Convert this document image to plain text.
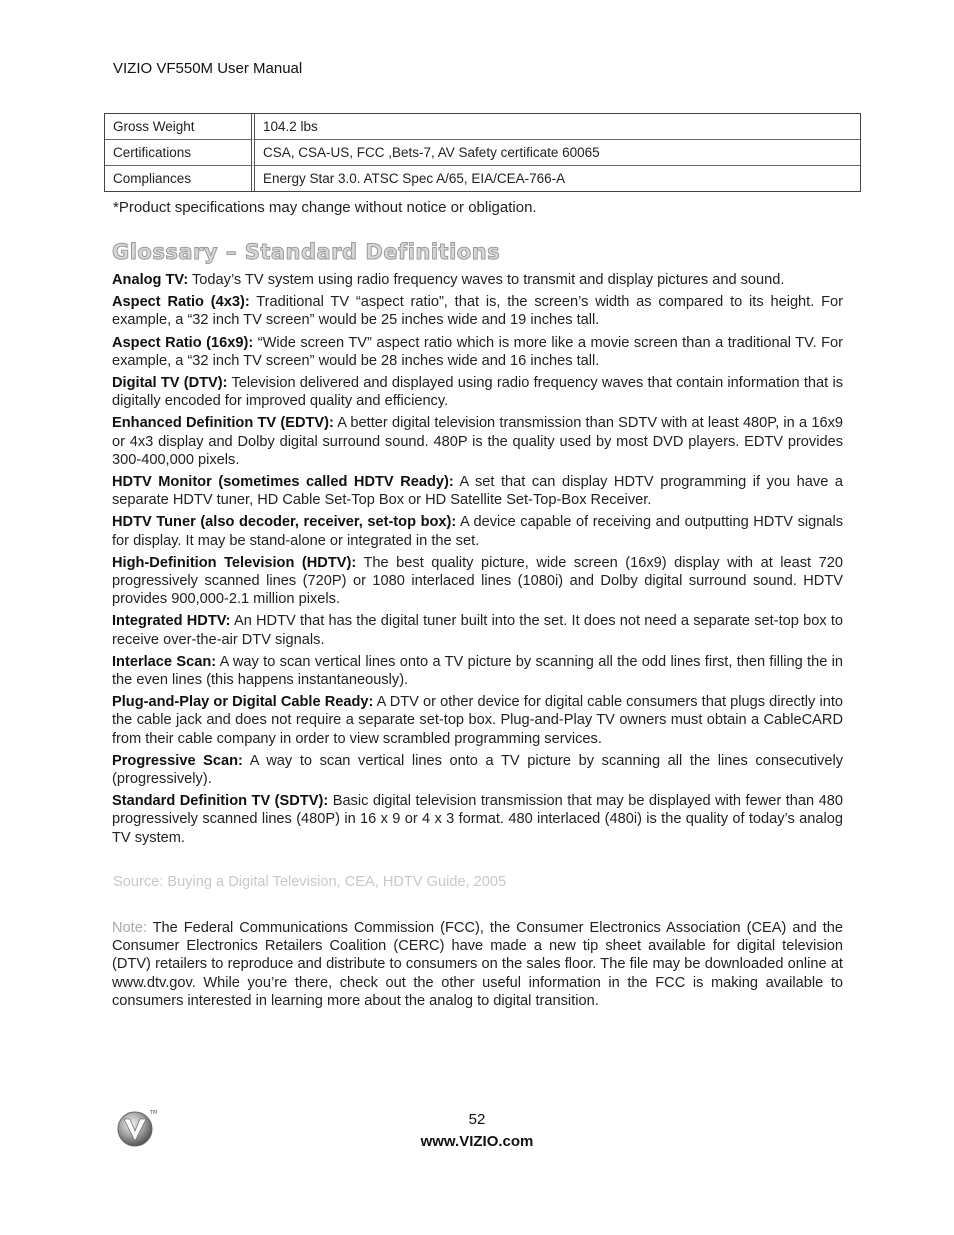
VIZIO VF550M User Manual
Gross Weight	104.2 lbs
Certifications	CSA, CSA-US, FCC ,Bets-7, AV Safety certificate 60065
Compliances	Energy Star 3.0. ATSC Spec A/65, EIA/CEA-766-A
*Product specifications may change without notice or obligation.
Glossary – Standard Definitions

Analog TV: Today’s TV system using radio frequency waves to transmit and display pictures and sound.

Aspect Ratio (4x3): Traditional TV “aspect ratio”, that is, the screen’s width as compared to its height. For example, a “32 inch TV screen” would be 25 inches wide and 19 inches tall.

Aspect Ratio (16x9): “Wide screen TV” aspect ratio which is more like a movie screen than a traditional TV. For example, a “32 inch TV screen” would be 28 inches wide and 16 inches tall.

Digital TV (DTV): Television delivered and displayed using radio frequency waves that contain information that is digitally encoded for improved quality and efficiency.

Enhanced Definition TV (EDTV): A better digital television transmission than SDTV with at least 480P, in a 16x9 or 4x3 display and Dolby digital surround sound. 480P is the quality used by most DVD players. EDTV provides 300-400,000 pixels.

HDTV Monitor (sometimes called HDTV Ready): A set that can display HDTV programming if you have a separate HDTV tuner, HD Cable Set-Top Box or HD Satellite Set-Top-Box Receiver.

HDTV Tuner (also decoder, receiver, set-top box): A device capable of receiving and outputting HDTV signals for display. It may be stand-alone or integrated in the set.

High-Definition Television (HDTV): The best quality picture, wide screen (16x9) display with at least 720 progressively scanned lines (720P) or 1080 interlaced lines (1080i) and Dolby digital surround sound. HDTV provides 900,000-2.1 million pixels.

Integrated HDTV: An HDTV that has the digital tuner built into the set. It does not need a separate set-top box to receive over-the-air DTV signals.

Interlace Scan: A way to scan vertical lines onto a TV picture by scanning all the odd lines first, then filling the in the even lines (this happens instantaneously).

Plug-and-Play or Digital Cable Ready: A DTV or other device for digital cable consumers that plugs directly into the cable jack and does not require a separate set-top box. Plug-and-Play TV owners must obtain a CableCARD from their cable company in order to view scrambled programming services.

Progressive Scan: A way to scan vertical lines onto a TV picture by scanning all the lines consecutively (progressively).

Standard Definition TV (SDTV): Basic digital television transmission that may be displayed with fewer than 480 progressively scanned lines (480P) in 16 x 9 or 4 x 3 format. 480 interlaced (480i) is the quality of today’s analog TV system.

Source: Buying a Digital Television, CEA, HDTV Guide, 2005

Note: The Federal Communications Commission (FCC), the Consumer Electronics Association (CEA) and the Consumer Electronics Retailers Coalition (CERC) have made a new tip sheet available for digital television (DTV) retailers to reproduce and distribute to consumers on the sales floor. The file may be downloaded online at www.dtv.gov. While you’re there, check out the other useful information in the FCC is making available to consumers interested in learning more about the analog to digital transition.

TM	52
www.VIZIO.com
